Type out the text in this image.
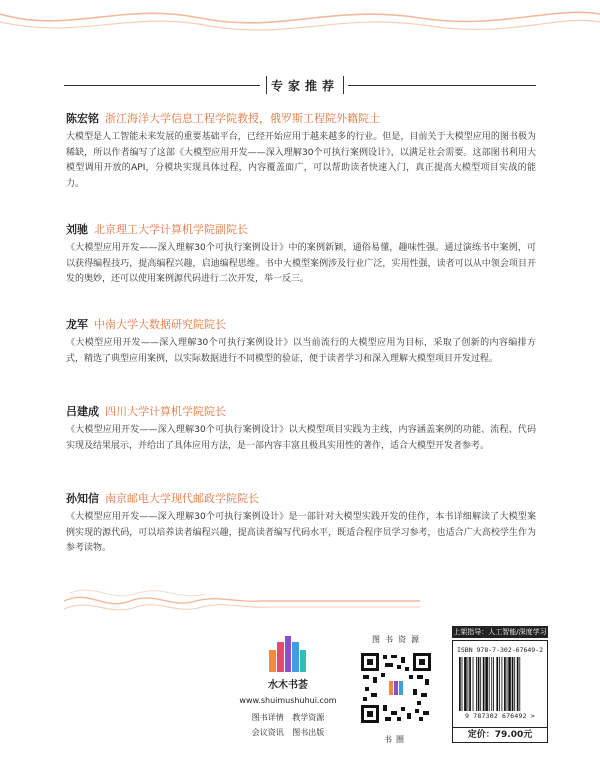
专家推荐
陈宏铭 浙江海洋大学信息工程学院教授，俄罗斯工程院外籍院士

大模型是人工智能未来发展的重要基础平台，已经开始应用于越来越多的行业。但是，目前关于大模型应用的图书极为稀缺，所以作者编写了这部《大模型应用开发——深入理解30个可执行案例设计》，以满足社会需要。这部图书利用大模型调用开放的API，分模块实现具体过程，内容覆盖面广，可以帮助读者快速入门，真正提高大模型项目实战的能力。

刘驰 北京理工大学计算机学院副院长

《大模型应用开发——深入理解30个可执行案例设计》中的案例新颖，通俗易懂，趣味性强。通过演练书中案例，可以获得编程技巧，提高编程兴趣，启迪编程思维。书中大模型案例涉及行业广泛，实用性强，读者可以从中领会项目开发的奥妙，还可以使用案例源代码进行二次开发，举一反三。

龙军 中南大学大数据研究院院长

《大模型应用开发——深入理解30个可执行案例设计》以当前流行的大模型应用为目标，采取了创新的内容编排方式，精选了典型应用案例，以实际数据进行不同模型的验证，便于读者学习和深入理解大模型项目开发过程。

吕建成 四川大学计算机学院院长

《大模型应用开发——深入理解30个可执行案例设计》以大模型项目实践为主线，内容涵盖案例的功能、流程、代码实现及结果展示，并给出了具体应用方法，是一部内容丰富且极具实用性的著作，适合大模型开发者参考。

孙知信 南京邮电大学现代邮政学院院长

《大模型应用开发——深入理解30个可执行案例设计》是一部针对大模型实践开发的佳作，本书详细解读了大模型案例实现的源代码，可以培养读者编程兴趣，提高读者编写代码水平，既适合程序员学习参考，也适合广大高校学生作为参考读物。

水木书荟
www.shuimushuhui.com
图书详情 教学资源
会议资讯 图书出版
图书资源
书圈
上架指导：人工智能/深度学习
ISBN 978-7-302-67649-2
9 787302 676492 >
定价：79.00元
